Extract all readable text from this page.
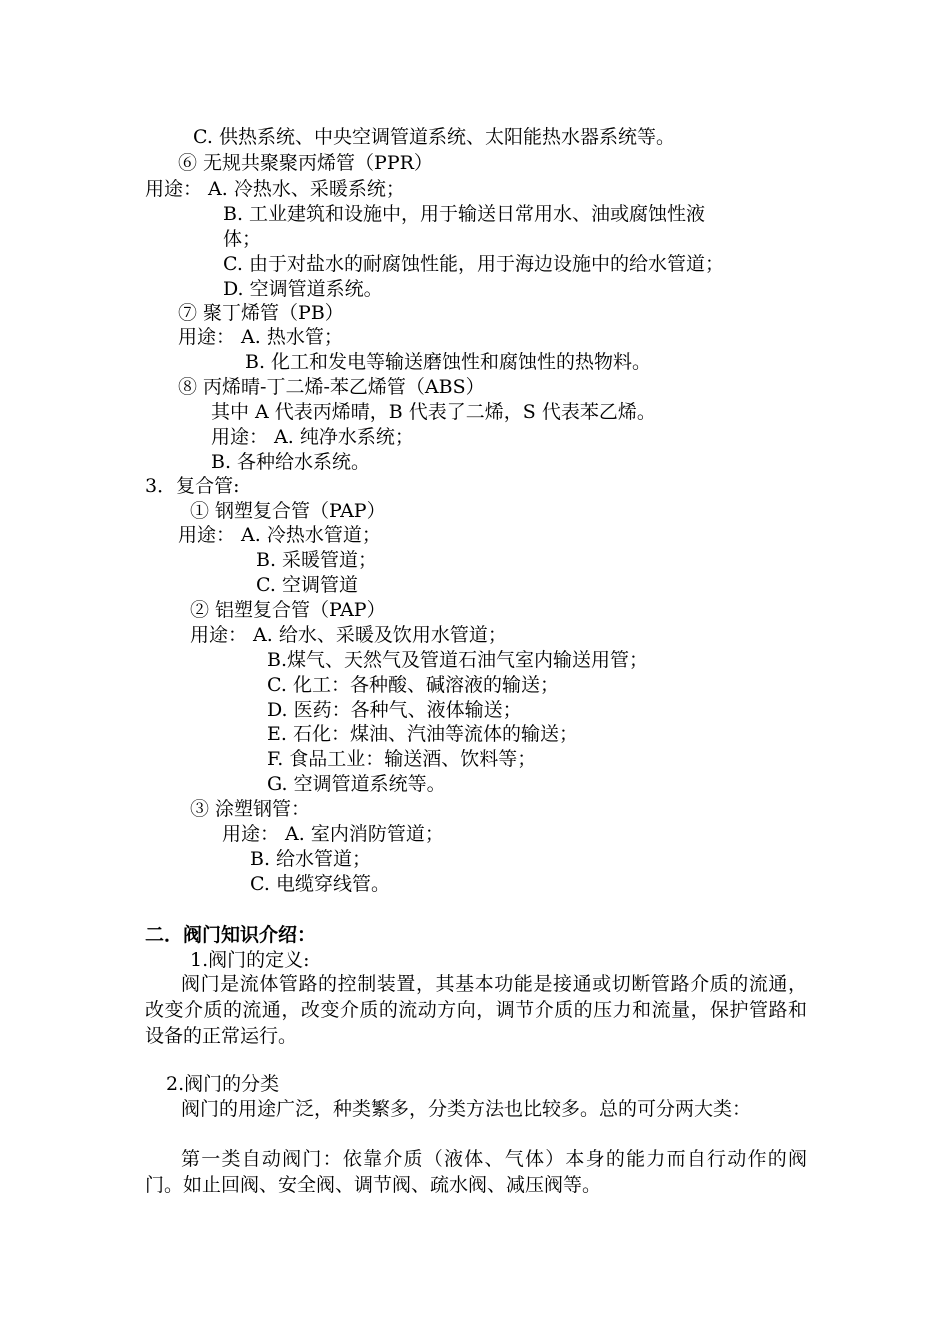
C. 供热系统、中央空调管道系统、太阳能热水器系统等。
⑥ 无规共聚聚丙烯管（PPR）
用途： A. 冷热水、采暖系统；
B. 工业建筑和设施中，用于输送日常用水、油或腐蚀性液
体；
C. 由于对盐水的耐腐蚀性能，用于海边设施中的给水管道；
D. 空调管道系统。
⑦ 聚丁烯管（PB）
用途： A. 热水管；
B. 化工和发电等输送磨蚀性和腐蚀性的热物料。
⑧ 丙烯晴-丁二烯-苯乙烯管（ABS）
其中 A 代表丙烯晴，B 代表了二烯，S 代表苯乙烯。
用途： A. 纯净水系统；
B. 各种给水系统。
3．复合管:
① 钢塑复合管（PAP）
用途： A. 冷热水管道；
B. 采暖管道；
C. 空调管道
② 铝塑复合管（PAP）
用途： A. 给水、采暖及饮用水管道；
B.煤气、天然气及管道石油气室内输送用管；
C. 化工：各种酸、碱溶液的输送；
D. 医药：各种气、液体输送；
E. 石化：煤油、汽油等流体的输送；
F. 食品工业：输送酒、饮料等；
G. 空调管道系统等。
③ 涂塑钢管：
用途： A. 室内消防管道；
B. 给水管道；
C. 电缆穿线管。
二．阀门知识介绍：
1.阀门的定义:
阀门是流体管路的控制装置，其基本功能是接通或切断管路介质的流通，改变介质的流通，改变介质的流动方向，调节介质的压力和流量，保护管路和设备的正常运行。
2.阀门的分类
阀门的用途广泛，种类繁多，分类方法也比较多。总的可分两大类：
第一类自动阀门：依靠介质（液体、气体）本身的能力而自行动作的阀门。如止回阀、安全阀、调节阀、疏水阀、减压阀等。
